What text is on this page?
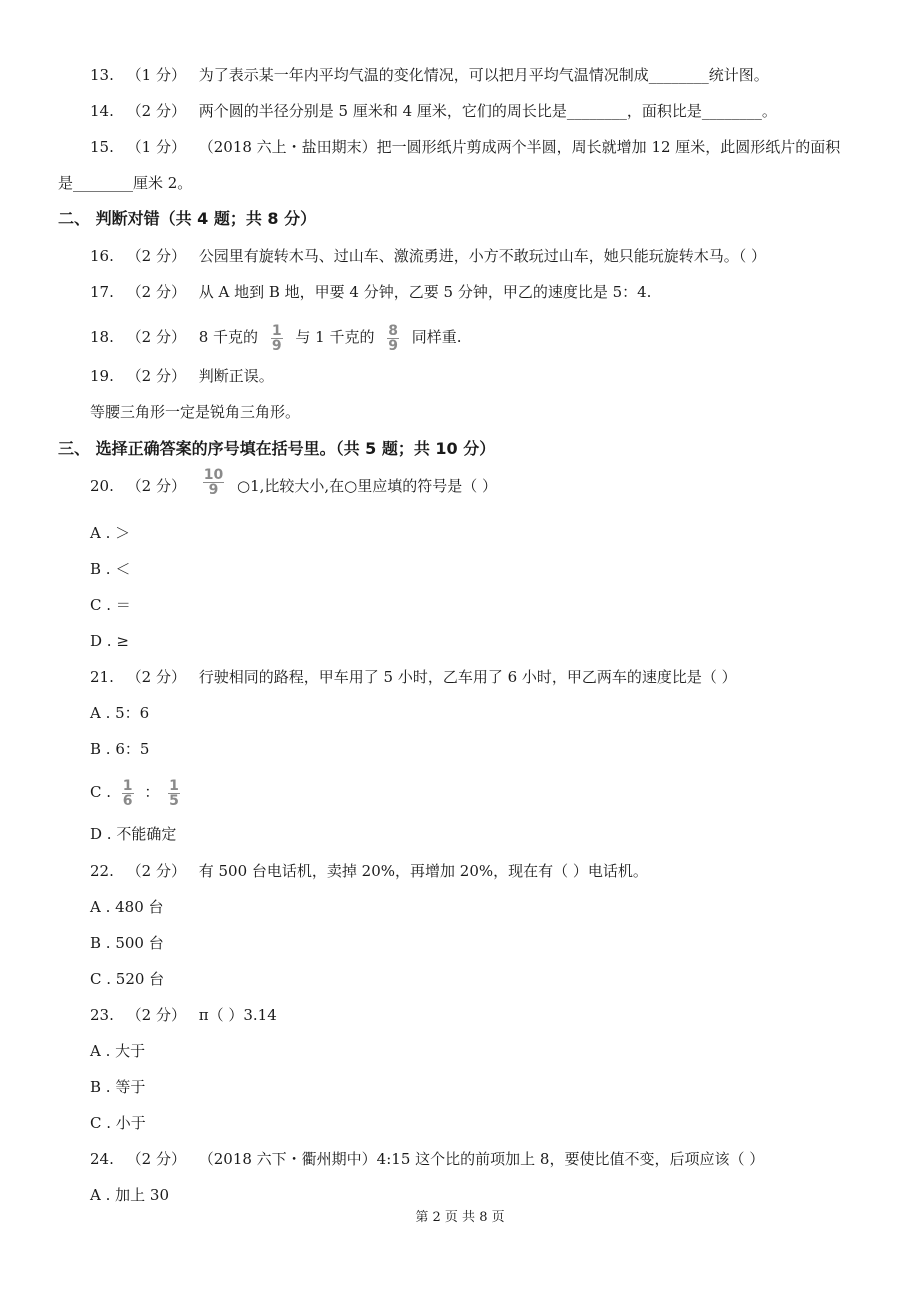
13. （1 分） 为了表示某一年内平均气温的变化情况，可以把月平均气温情况制成________统计图。
14. （2 分） 两个圆的半径分别是 5 厘米和 4 厘米，它们的周长比是________，面积比是________。
15. （1 分） （2018 六上・盐田期末）把一圆形纸片剪成两个半圆，周长就增加 12 厘米，此圆形纸片的面积
是________厘米 2。
二、 判断对错（共 4 题；共 8 分）
16. （2 分） 公园里有旋转木马、过山车、激流勇进，小方不敢玩过山车，她只能玩旋转木马。（ ）
17. （2 分） 从 A 地到 B 地，甲要 4 分钟，乙要 5 分钟，甲乙的速度比是 5：4.
18. （2 分） 8 千克的 $\frac{1}{9}$ 与 1 千克的 $\frac{8}{9}$ 同样重.
19. （2 分） 判断正误。
等腰三角形一定是锐角三角形。
三、 选择正确答案的序号填在括号里。（共 5 题；共 10 分）
20. （2 分） $\frac{10}{9}$ ○1,比较大小,在○里应填的符号是（ ）
A . ＞
B . ＜
C . ＝
D . ≥
21. （2 分） 行驶相同的路程，甲车用了 5 小时，乙车用了 6 小时，甲乙两车的速度比是（ ）
A . 5：6
B . 6：5
C . $\frac{1}{6}$ ： $\frac{1}{5}$
D . 不能确定
22. （2 分） 有 500 台电话机，卖掉 20%，再增加 20%，现在有（ ）电话机。
A . 480 台
B . 500 台
C . 520 台
23. （2 分） π（ ）3.14
A . 大于
B . 等于
C . 小于
24. （2 分） （2018 六下・衢州期中）4:15 这个比的前项加上 8，要使比值不变，后项应该（ ）
A . 加上 30
第 2 页 共 8 页
